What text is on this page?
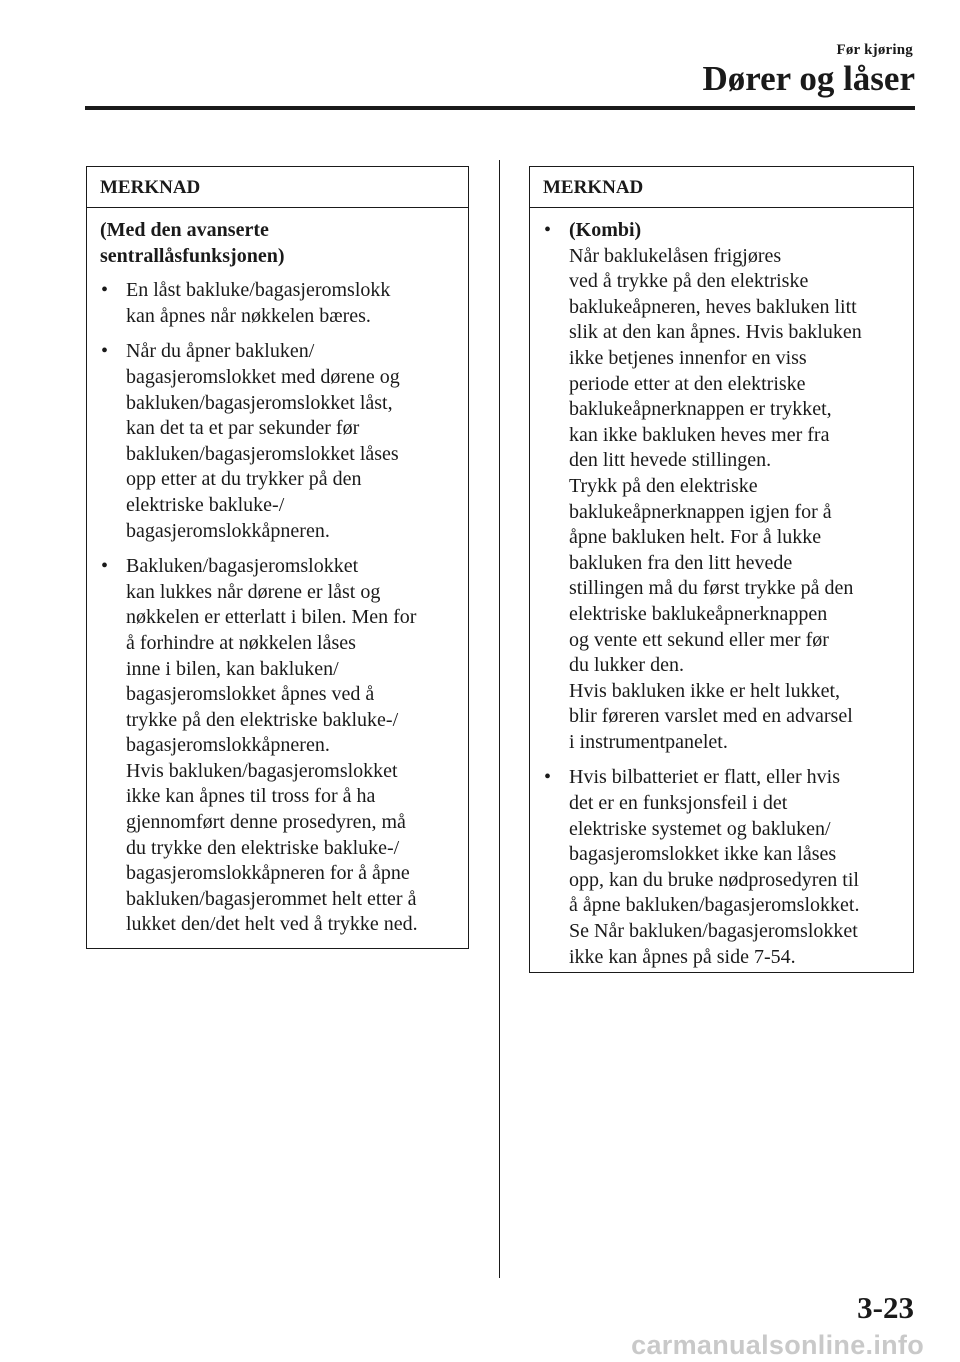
Før kjøring
Dører og låser
MERKNAD
(Med den avanserte
sentrallåsfunksjonen)
• En låst bakluke/bagasjeromslokk
kan åpnes når nøkkelen bæres.
• Når du åpner bakluken/
bagasjeromslokket med dørene og
bakluken/bagasjeromslokket låst,
kan det ta et par sekunder før
bakluken/bagasjeromslokket låses
opp etter at du trykker på den
elektriske bakluke-/
bagasjeromslokkåpneren.
• Bakluken/bagasjeromslokket
kan lukkes når dørene er låst og
nøkkelen er etterlatt i bilen. Men for
å forhindre at nøkkelen låses
inne i bilen, kan bakluken/
bagasjeromslokket åpnes ved å
trykke på den elektriske bakluke-/
bagasjeromslokkåpneren.
Hvis bakluken/bagasjeromslokket
ikke kan åpnes til tross for å ha
gjennomført denne prosedyren, må
du trykke den elektriske bakluke-/
bagasjeromslokkåpneren for å åpne
bakluken/bagasjerommet helt etter å
lukket den/det helt ved å trykke ned.
MERKNAD
• (Kombi)
Når baklukelåsen frigjøres
ved å trykke på den elektriske
baklukeåpneren, heves bakluken litt
slik at den kan åpnes. Hvis bakluken
ikke betjenes innenfor en viss
periode etter at den elektriske
baklukeåpnerknappen er trykket,
kan ikke bakluken heves mer fra
den litt hevede stillingen.
Trykk på den elektriske
baklukeåpnerknappen igjen for å
åpne bakluken helt. For å lukke
bakluken fra den litt hevede
stillingen må du først trykke på den
elektriske baklukeåpnerknappen
og vente ett sekund eller mer før
du lukker den.
Hvis bakluken ikke er helt lukket,
blir føreren varslet med en advarsel
i instrumentpanelet.
• Hvis bilbatteriet er flatt, eller hvis
det er en funksjonsfeil i det
elektriske systemet og bakluken/
bagasjeromslokket ikke kan låses
opp, kan du bruke nødprosedyren til
å åpne bakluken/bagasjeromslokket.
Se Når bakluken/bagasjeromslokket
ikke kan åpnes på side 7-54.
3-23
carmanualsonline.info
